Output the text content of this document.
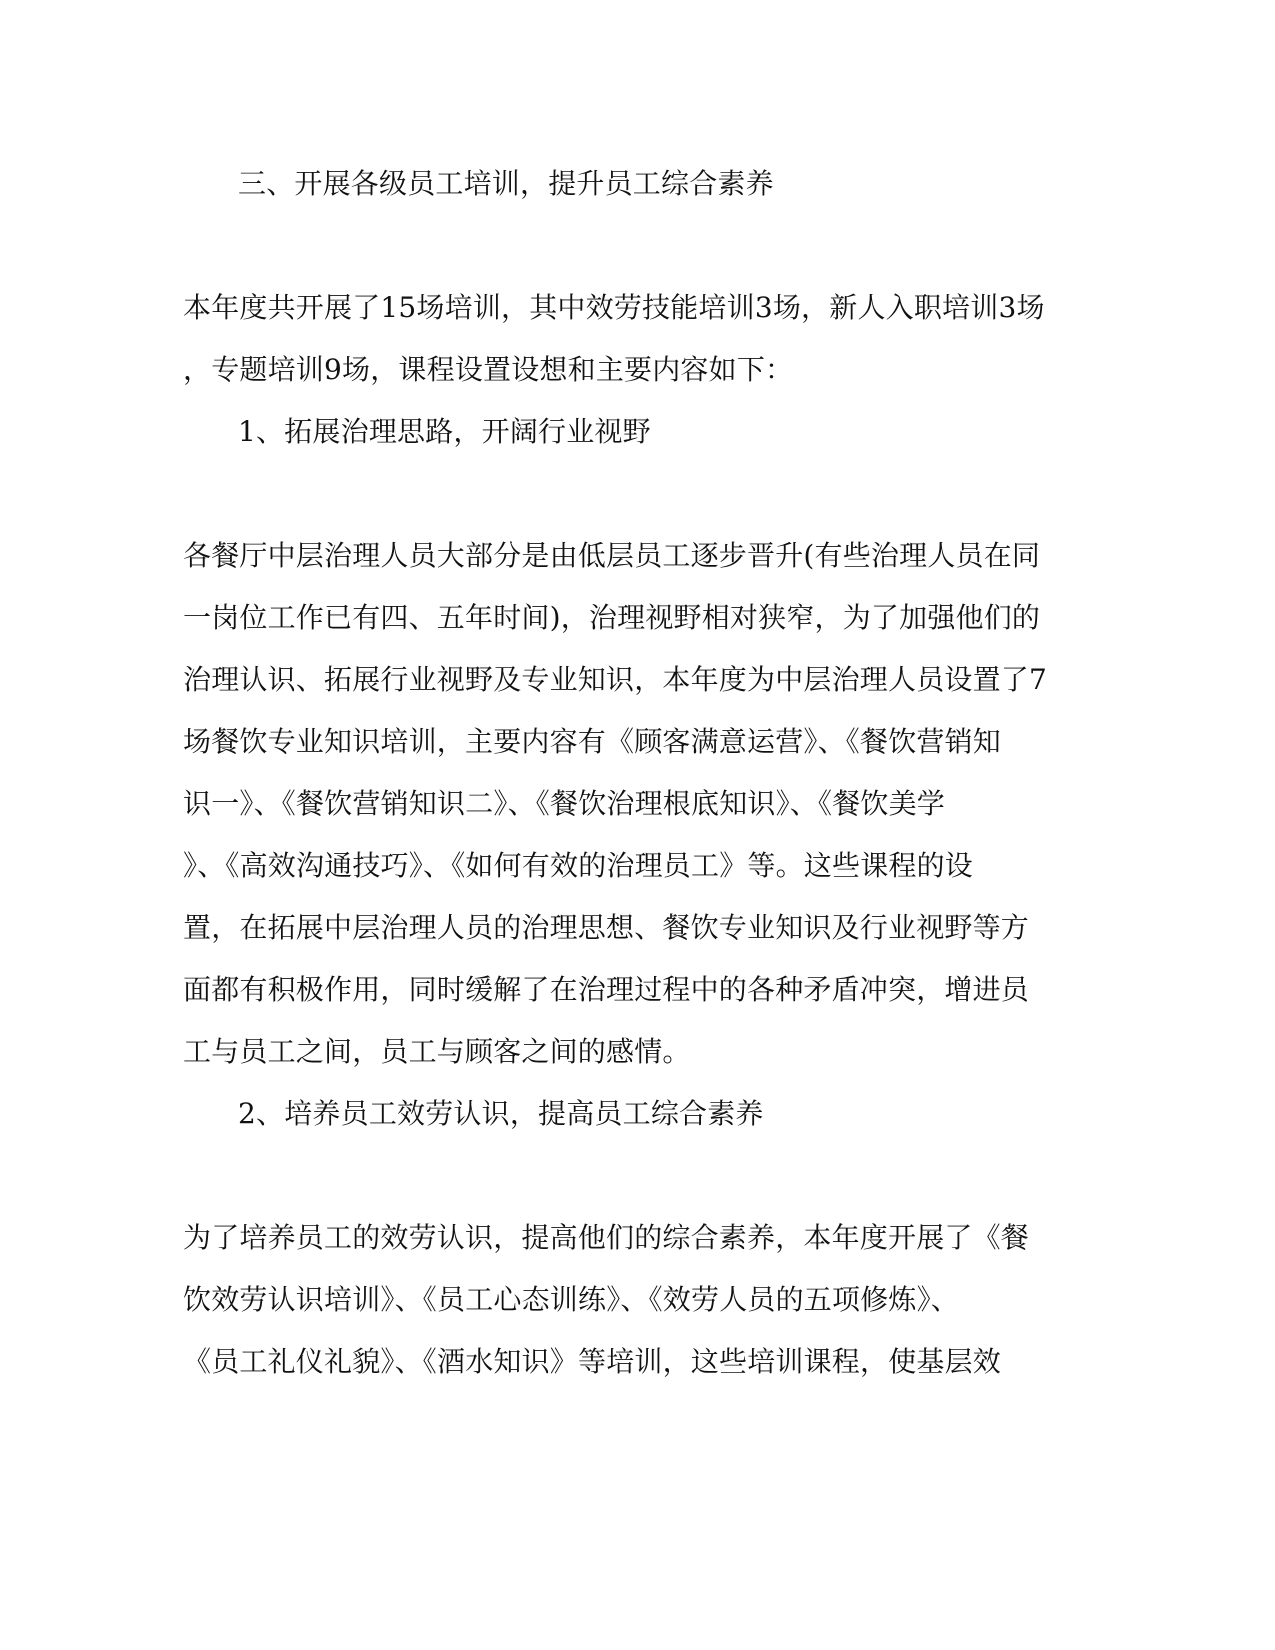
三、开展各级员工培训，提升员工综合素养
本年度共开展了15场培训，其中效劳技能培训3场，新人入职培训3场
，专题培训9场，课程设置设想和主要内容如下：
1、拓展治理思路，开阔行业视野
各餐厅中层治理人员大部分是由低层员工逐步晋升(有些治理人员在同
一岗位工作已有四、五年时间)，治理视野相对狭窄，为了加强他们的
治理认识、拓展行业视野及专业知识，本年度为中层治理人员设置了7
场餐饮专业知识培训，主要内容有《顾客满意运营》、《餐饮营销知
识一》、《餐饮营销知识二》、《餐饮治理根底知识》、《餐饮美学
》、《高效沟通技巧》、《如何有效的治理员工》等。这些课程的设
置，在拓展中层治理人员的治理思想、餐饮专业知识及行业视野等方
面都有积极作用，同时缓解了在治理过程中的各种矛盾冲突，增进员
工与员工之间，员工与顾客之间的感情。
2、培养员工效劳认识，提高员工综合素养
为了培养员工的效劳认识，提高他们的综合素养，本年度开展了《餐
饮效劳认识培训》、《员工心态训练》、《效劳人员的五项修炼》、
《员工礼仪礼貌》、《酒水知识》等培训，这些培训课程，使基层效
